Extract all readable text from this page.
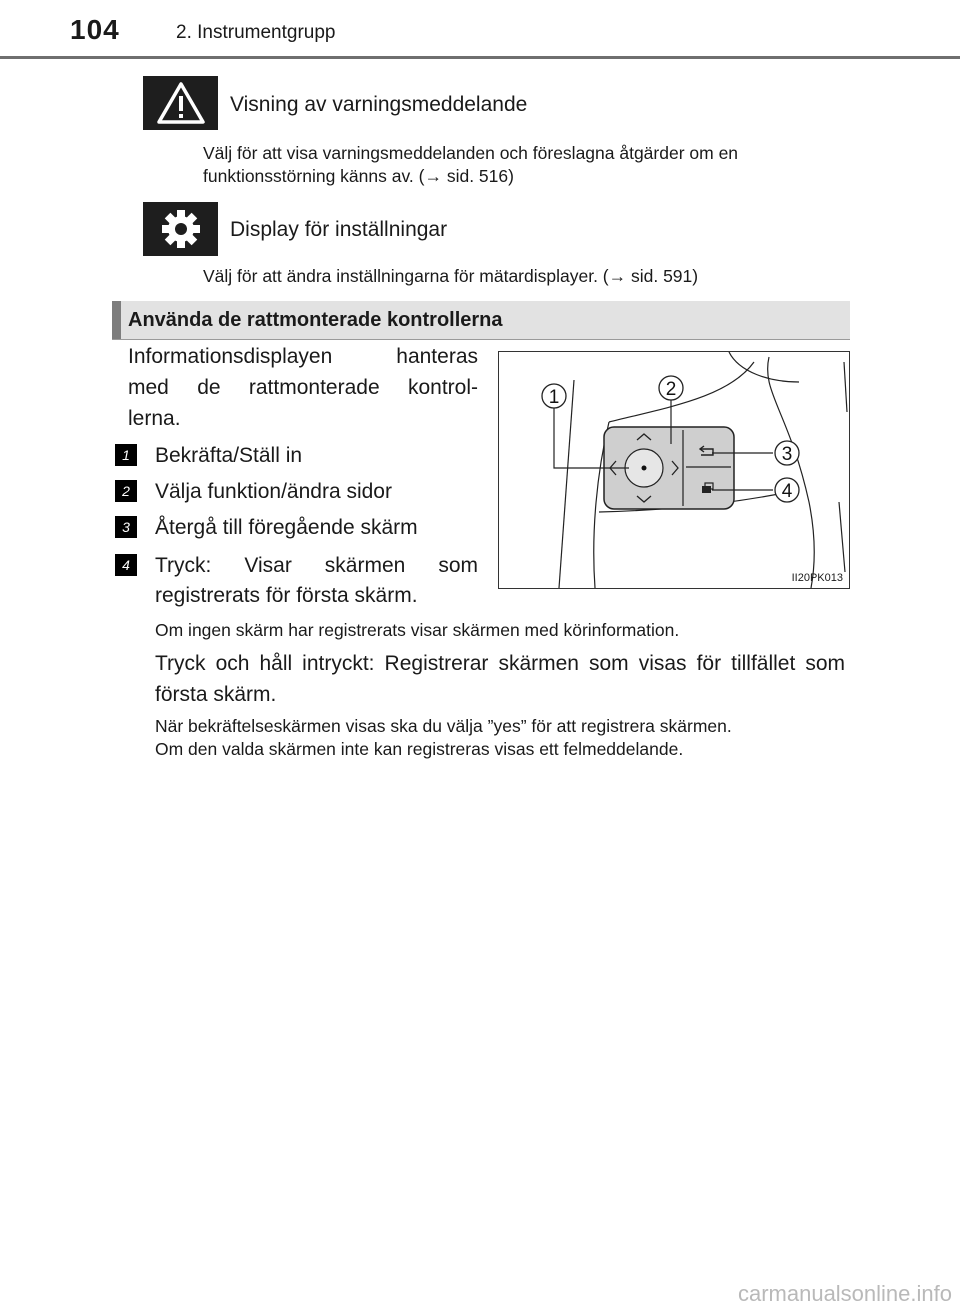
104	2. Instrumentgrupp
Visning av varningsmeddelande
Välj för att visa varningsmeddelanden och föreslagna åtgärder om en
funktionsstörning känns av. (→ sid. 516)
Display för inställningar
Välj för att ändra inställningarna för mätardisplayer. (→ sid. 591)
Använda de rattmonterade kontrollerna
Informationsdisplayen hanteras
med de rattmonterade kontrol-
lerna.
1	Bekräfta/Ställ in
2	Välja funktion/ändra sidor
3	Återgå till föregående skärm
4	Tryck: Visar skärmen som
registrerats för första skärm.
1	2
3
4
II20PK013
Om ingen skärm har registrerats visar skärmen med körinformation.
Tryck och håll intryckt: Registrerar skärmen som visas för tillfället som första skärm.
När bekräftelseskärmen visas ska du välja ”yes” för att registrera skärmen.
Om den valda skärmen inte kan registreras visas ett felmeddelande.
carmanualsonline.info
